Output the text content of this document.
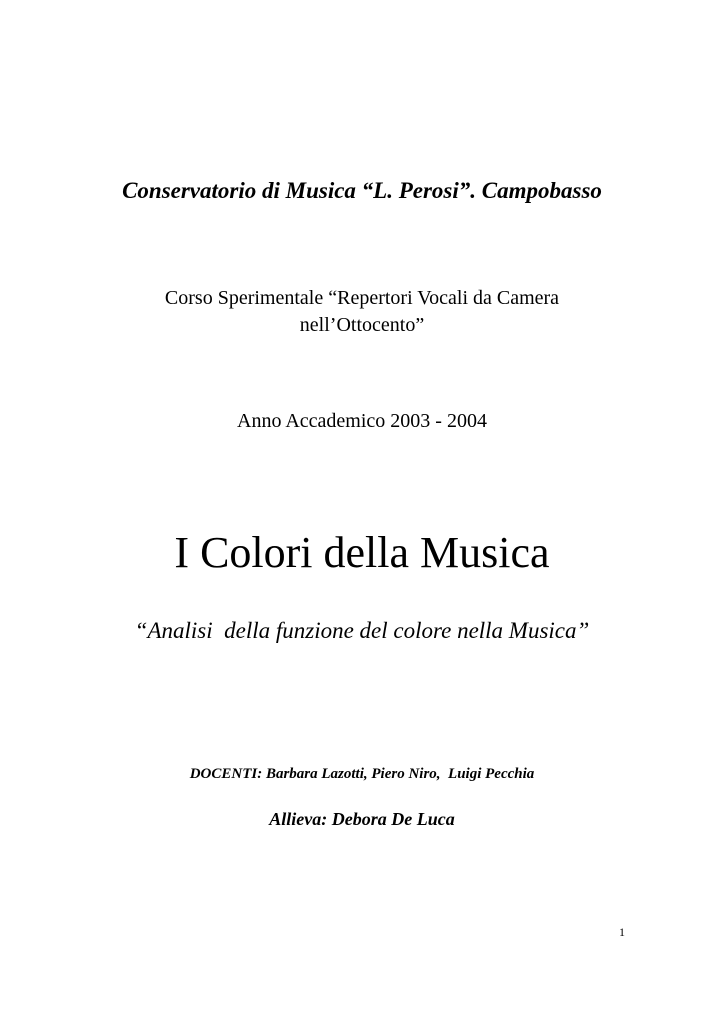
Conservatorio di Musica “L. Perosi”. Campobasso
Corso Sperimentale “Repertori Vocali da Camera
nell’Ottocento”
Anno Accademico 2003 - 2004
I Colori della Musica
“Analisi  della funzione del colore nella Musica”
DOCENTI: Barbara Lazotti, Piero Niro,  Luigi Pecchia
Allieva: Debora De Luca
1
